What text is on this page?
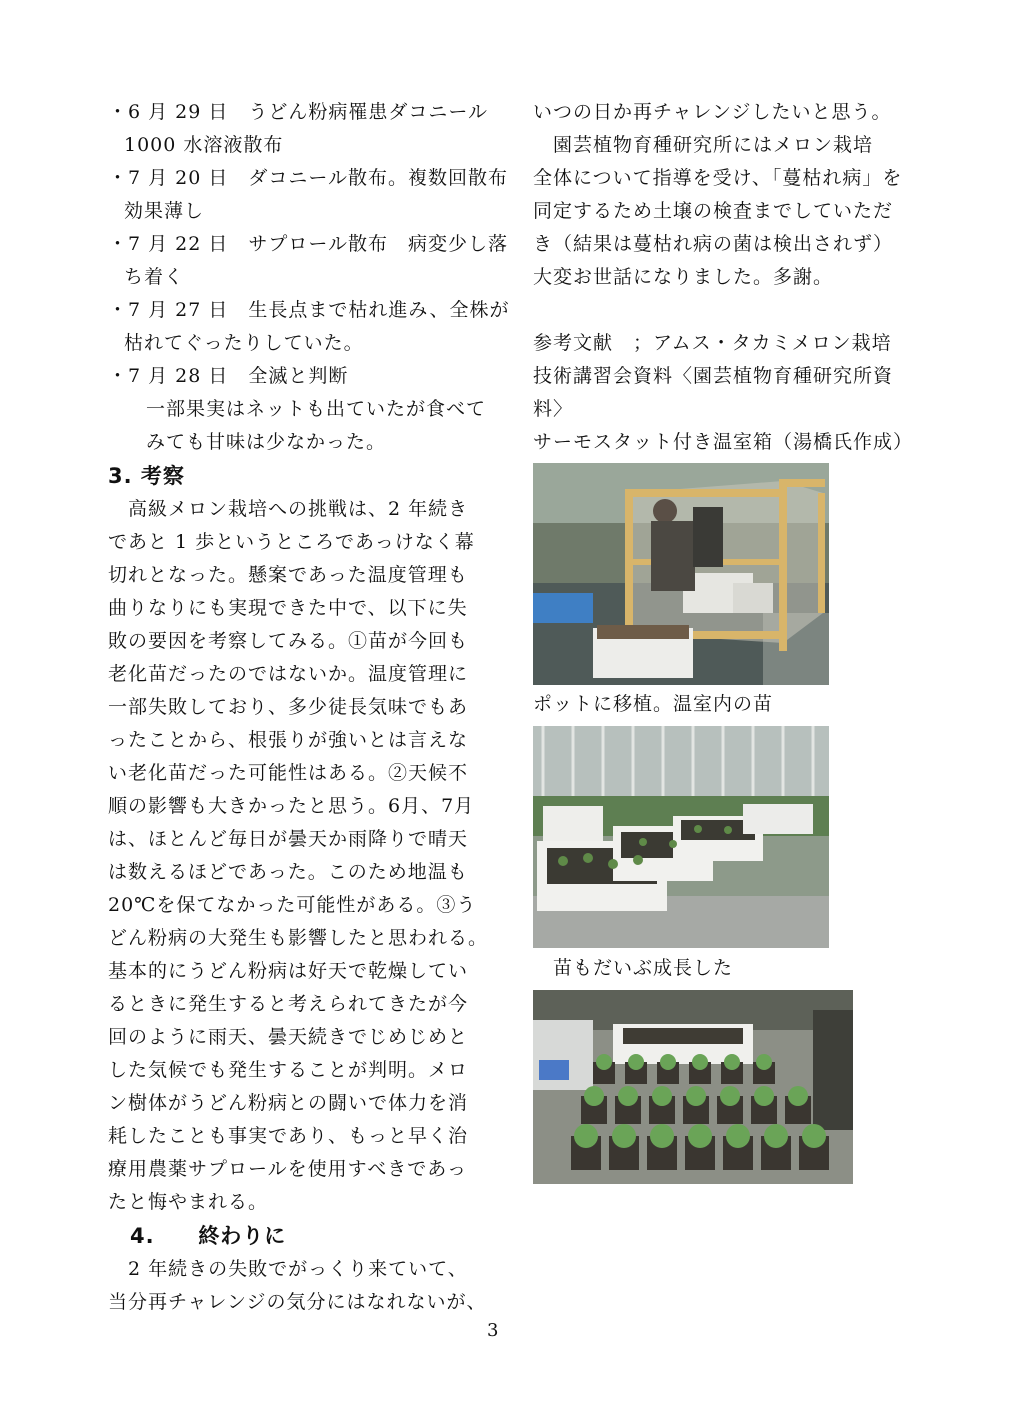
・6 月 29 日　うどん粉病罹患ダコニール
1000 水溶液散布
・7 月 20 日　ダコニール散布。複数回散布
効果薄し
・7 月 22 日　サプロール散布　病変少し落
ち着く
・7 月 27 日　生長点まで枯れ進み、全株が
枯れてぐったりしていた。
・7 月 28 日　全滅と判断
一部果実はネットも出ていたが食べて
みても甘味は少なかった。
3. 考察
　高級メロン栽培への挑戦は、2 年続き
であと 1 歩というところであっけなく幕
切れとなった。懸案であった温度管理も
曲りなりにも実現できた中で、以下に失
敗の要因を考察してみる。①苗が今回も
老化苗だったのではないか。温度管理に
一部失敗しており、多少徒長気味でもあ
ったことから、根張りが強いとは言えな
い老化苗だった可能性はある。②天候不
順の影響も大きかったと思う。6月、7月
は、ほとんど毎日が曇天か雨降りで晴天
は数えるほどであった。このため地温も
20℃を保てなかった可能性がある。③う
どん粉病の大発生も影響したと思われる。
基本的にうどん粉病は好天で乾燥してい
るときに発生すると考えられてきたが今
回のように雨天、曇天続きでじめじめと
した気候でも発生することが判明。メロ
ン樹体がうどん粉病との闘いで体力を消
耗したことも事実であり、もっと早く治
療用農薬サプロールを使用すべきであっ
たと悔やまれる。
4. 終わりに
　2 年続きの失敗でがっくり来ていて、
当分再チャレンジの気分にはなれないが、
いつの日か再チャレンジしたいと思う。
　園芸植物育種研究所にはメロン栽培
全体について指導を受け、「蔓枯れ病」を
同定するため土壌の検査までしていただ
き（結果は蔓枯れ病の菌は検出されず）
大変お世話になりました。多謝。
参考文献　；アムス・タカミメロン栽培
技術講習会資料〈園芸植物育種研究所資
料〉
サーモスタット付き温室箱（湯橋氏作成）
ポットに移植。温室内の苗
　苗もだいぶ成長した
3
